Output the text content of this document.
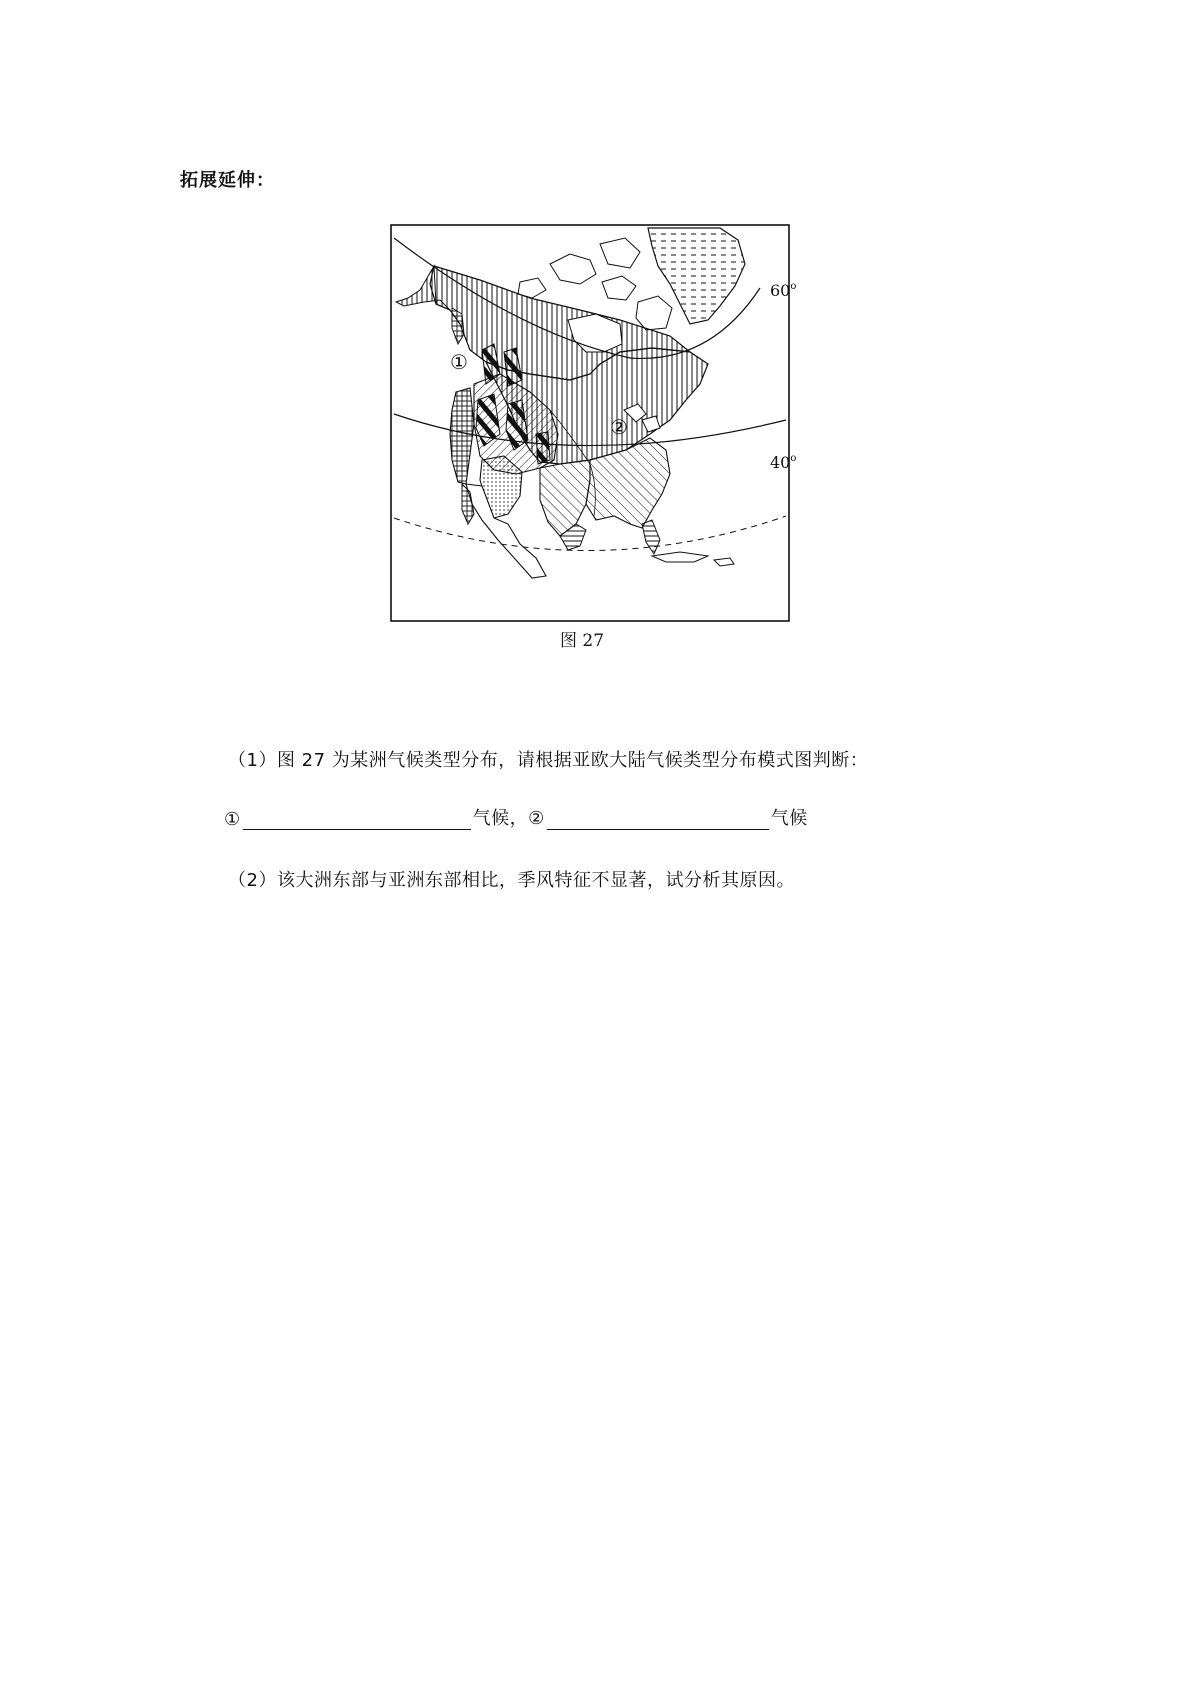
拓展延伸：
60$^o$
40$^o$
①
②
图 27
（1）图 27 为某洲气候类型分布，请根据亚欧大陆气候类型分布模式图判断：
①	气候，②	气候
（2）该大洲东部与亚洲东部相比，季风特征不显著，试分析其原因。
